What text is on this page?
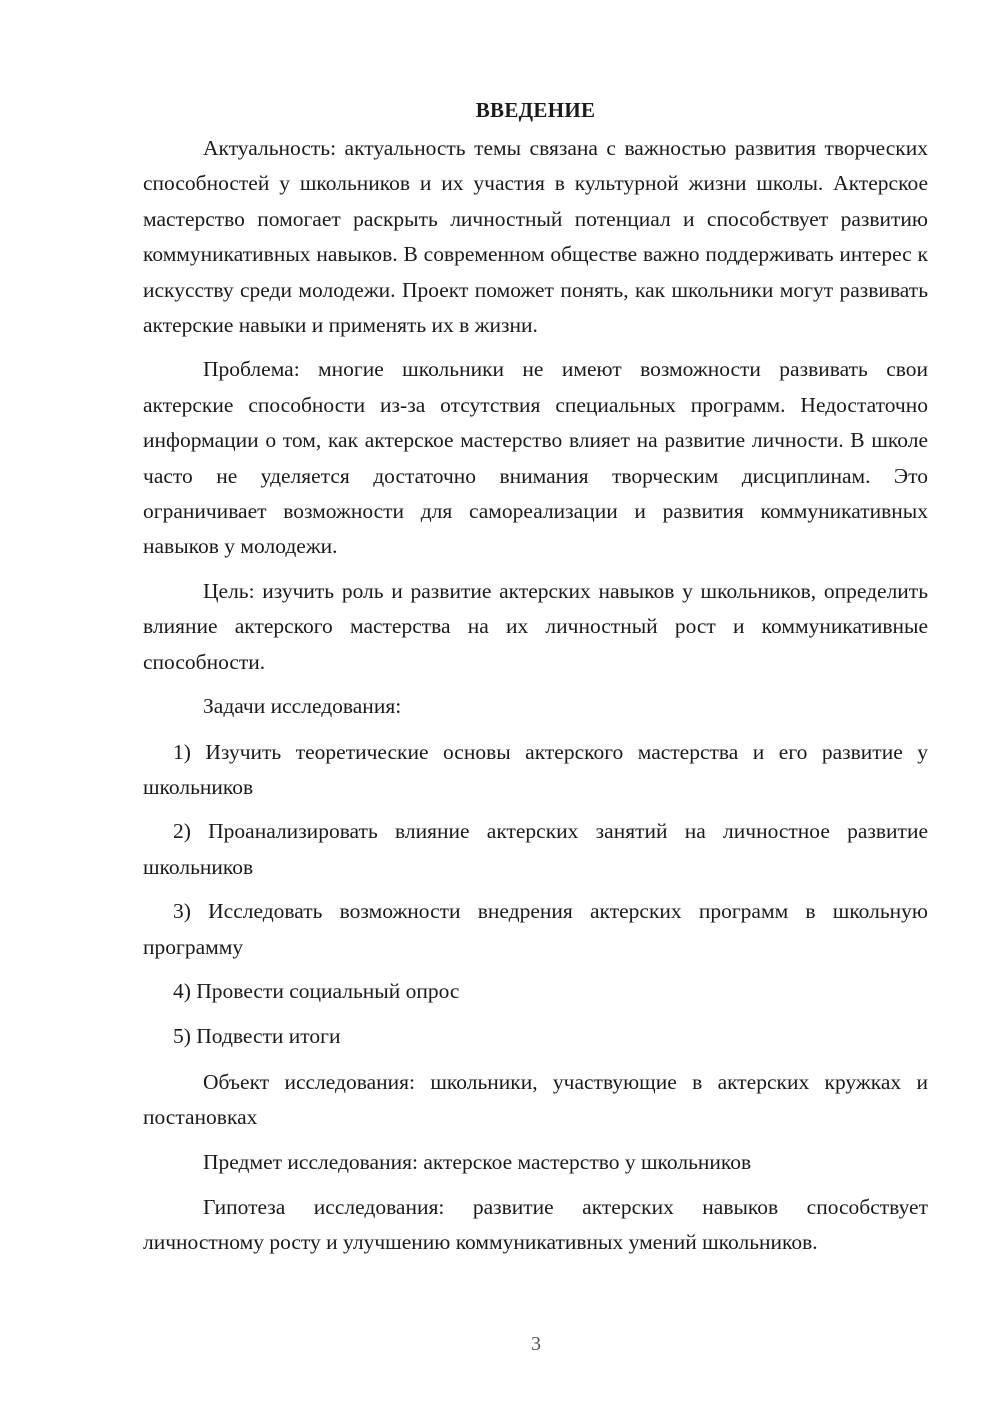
ВВЕДЕНИЕ

Актуальность: актуальность темы связана с важностью развития творческих способностей у школьников и их участия в культурной жизни школы. Актерское мастерство помогает раскрыть личностный потенциал и способствует развитию коммуникативных навыков. В современном обществе важно поддерживать интерес к искусству среди молодежи. Проект поможет понять, как школьники могут развивать актерские навыки и применять их в жизни.

Проблема: многие школьники не имеют возможности развивать свои актерские способности из-за отсутствия специальных программ. Недостаточно информации о том, как актерское мастерство влияет на развитие личности. В школе часто не уделяется достаточно внимания творческим дисциплинам. Это ограничивает возможности для самореализации и развития коммуникативных навыков у молодежи.

Цель: изучить роль и развитие актерских навыков у школьников, определить влияние актерского мастерства на их личностный рост и коммуникативные способности.

Задачи исследования:

1) Изучить теоретические основы актерского мастерства и его развитие у школьников

2) Проанализировать влияние актерских занятий на личностное развитие школьников

3) Исследовать возможности внедрения актерских программ в школьную программу

4) Провести социальный опрос

5) Подвести итоги

Объект исследования: школьники, участвующие в актерских кружках и постановках

Предмет исследования: актерское мастерство у школьников

Гипотеза исследования: развитие актерских навыков способствует личностному росту и улучшению коммуникативных умений школьников.

3
